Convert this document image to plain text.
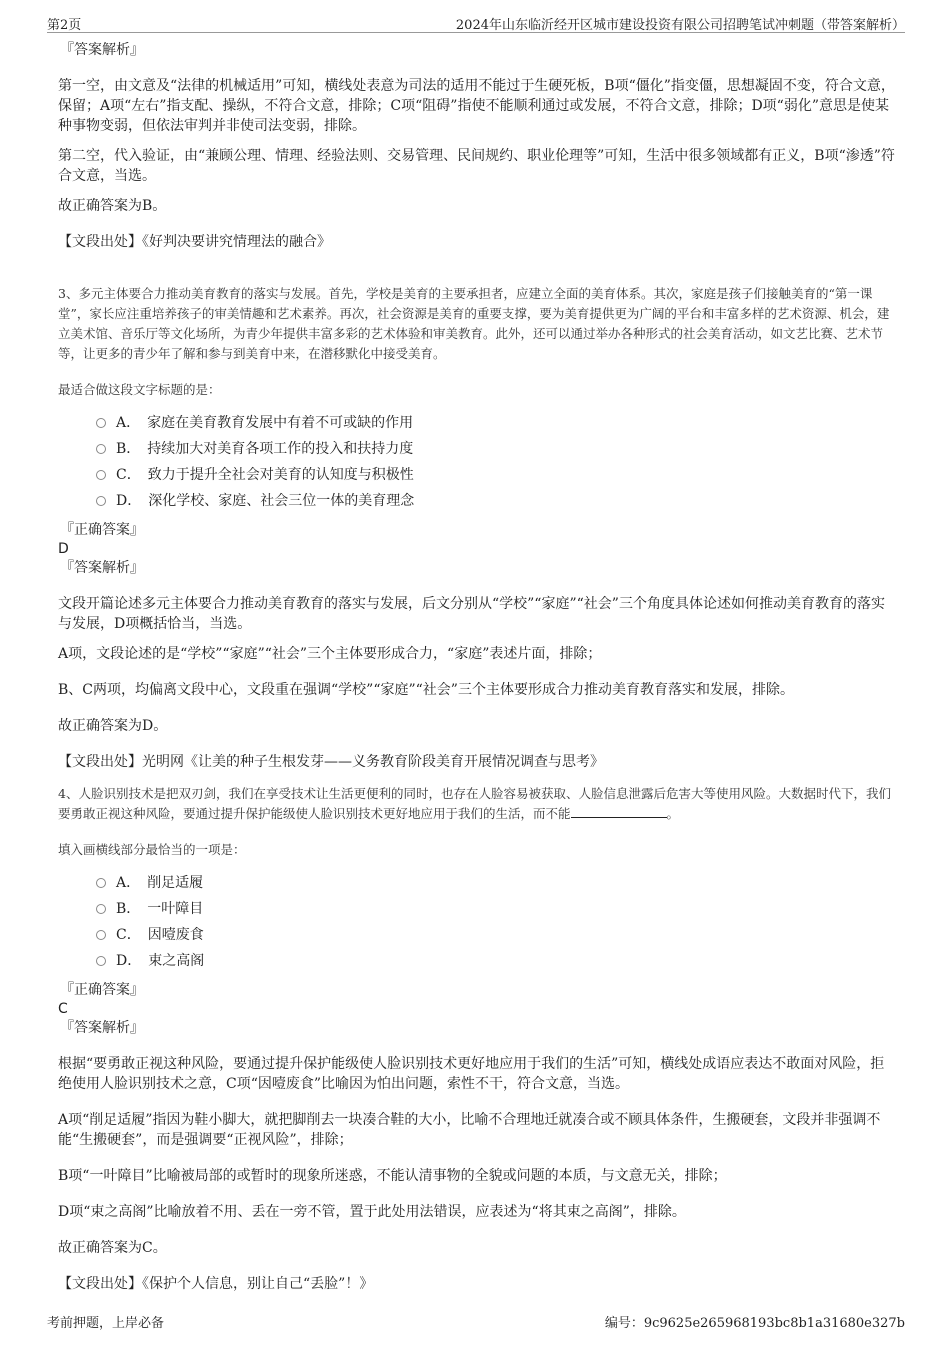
第2页	2024年山东临沂经开区城市建设投资有限公司招聘笔试冲刺题（带答案解析）
『答案解析』

第一空，由文意及“法律的机械适用”可知，横线处表意为司法的适用不能过于生硬死板，B项“僵化”指变僵，思想凝固不变，符合文意，保留；A项“左右”指支配、操纵，不符合文意，排除；C项“阻碍”指使不能顺利通过或发展，不符合文意，排除；D项“弱化”意思是使某种事物变弱，但依法审判并非使司法变弱，排除。

第二空，代入验证，由“兼顾公理、情理、经验法则、交易管理、民间规约、职业伦理等”可知，生活中很多领域都有正义，B项“渗透”符合文意，当选。

故正确答案为B。

【文段出处】《好判决要讲究情理法的融合》

3、多元主体要合力推动美育教育的落实与发展。首先，学校是美育的主要承担者，应建立全面的美育体系。其次，家庭是孩子们接触美育的“第一课堂”，家长应注重培养孩子的审美情趣和艺术素养。再次，社会资源是美育的重要支撑，要为美育提供更为广阔的平台和丰富多样的艺术资源、机会，建立美术馆、音乐厅等文化场所，为青少年提供丰富多彩的艺术体验和审美教育。此外，还可以通过举办各种形式的社会美育活动，如文艺比赛、艺术节等，让更多的青少年了解和参与到美育中来，在潜移默化中接受美育。

最适合做这段文字标题的是：

A．　家庭在美育教育发展中有着不可或缺的作用
B．　持续加大对美育各项工作的投入和扶持力度
C．　致力于提升全社会对美育的认知度与积极性
D．　深化学校、家庭、社会三位一体的美育理念
『正确答案』
D
『答案解析』

文段开篇论述多元主体要合力推动美育教育的落实与发展，后文分别从“学校”“家庭”“社会”三个角度具体论述如何推动美育教育的落实与发展，D项概括恰当，当选。

A项，文段论述的是“学校”“家庭”“社会”三个主体要形成合力，“家庭”表述片面，排除；

B、C两项，均偏离文段中心，文段重在强调“学校”“家庭”“社会”三个主体要形成合力推动美育教育落实和发展，排除。

故正确答案为D。

【文段出处】光明网《让美的种子生根发芽——义务教育阶段美育开展情况调查与思考》

4、人脸识别技术是把双刃剑，我们在享受技术让生活更便利的同时，也存在人脸容易被获取、人脸信息泄露后危害大等使用风险。大数据时代下，我们要勇敢正视这种风险，要通过提升保护能级使人脸识别技术更好地应用于我们的生活，而不能	。

填入画横线部分最恰当的一项是：

A．　削足适履
B．　一叶障目
C．　因噎废食
D．　束之高阁
『正确答案』
C
『答案解析』

根据“要勇敢正视这种风险，要通过提升保护能级使人脸识别技术更好地应用于我们的生活”可知，横线处成语应表达不敢面对风险，拒绝使用人脸识别技术之意，C项“因噎废食”比喻因为怕出问题，索性不干，符合文意，当选。

A项“削足适履”指因为鞋小脚大，就把脚削去一块凑合鞋的大小，比喻不合理地迁就凑合或不顾具体条件，生搬硬套，文段并非强调不能“生搬硬套”，而是强调要“正视风险”，排除；

B项“一叶障目”比喻被局部的或暂时的现象所迷惑，不能认清事物的全貌或问题的本质，与文意无关，排除；

D项“束之高阁”比喻放着不用、丢在一旁不管，置于此处用法错误，应表述为“将其束之高阁”，排除。

故正确答案为C。

【文段出处】《保护个人信息，别让自己“丢脸”！》

考前押题，上岸必备	编号：9c9625e265968193bc8b1a31680e327b
